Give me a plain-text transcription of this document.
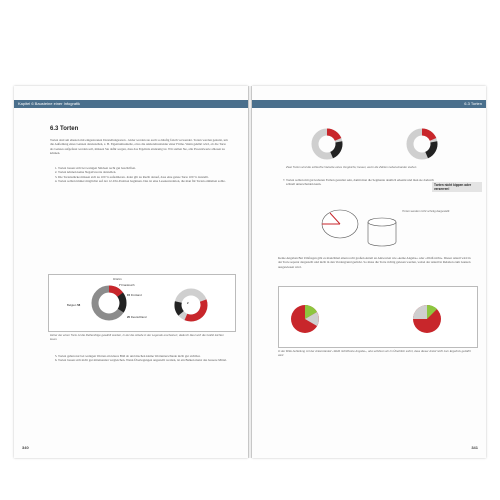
Kapitel 6 Bausteine einer Infografik
6.3 Torten
Torten sind am ehesten mit eingestreuten Darstellungsarten - leider werden sie auch so häufig falsch verwendet. Torten werden genutzt, um die Aufteilung eines Ganzen darzustellen, z. B. Eigentumsanteile, etwa die Aktionärsstruktur einer Firma. Wenn geklärt wird, ob die Torte als Ganzes aufgefasst werden soll, müssen Sie dafür sorgen, dass das Ergebnis eindeutig ist. Wir stellen Sie, alle Prozentwerte ablesen zu können.
1. Torten lassen sich bei wenigen Stücken recht gut beschriften.
2. Torten können keine Negativwerte darstellen.
3. Die Tortenstücke müssen sich zu 100 % aufaddieren. Jeder gilt zu Recht darauf, dass eine ganze Torte 100 % darstellt.
4. Torten sollten immer möglichst auf der 12-Uhr-Position beginnen. Das ist eine Lesekonvention, die man für Torten einhalten sollte.
4 Grün
7 Frankreich
15 Finnland
Belgien 58
20 Deutschland
2
Hinter der einen Torte ist die Reihenfolge gewählt worden, in der die Anteile in der Legende erscheinen; dadurch lässt sich die Grafik leichter lesen.
5. Torten gehen nur bei wenigen Werten ein klares Bild ab und machen kleine Wertunterschiede nicht gut sichtbar.
6. Torten lassen sich nicht gut miteinander vergleichen. Wenn Überlegungen angestellt werden, ist ein Balken meist das bessere Mittel.
340
6.3 Torten
Zwei Torten sind die schlechte Variante eines Vergleichs; besser, wenn die Zahlen nebeneinander stehen.
7. Torten sollten mit gut lesbaren Farben gestaltet sein, damit man die Segmente deutlich erkennt und man sie dadurch schnell unterscheiden kann.	Torten nicht kippen oder verzerren!
Torten werden nicht schräg dargestellt.
Keine Angaben Bei Umfragen gibt es manchmal einen recht großen Anteil an Antworten wie »keine Angabe« oder »Weiß nicht«. Dieser Anteil wird in der Torte separat dargestellt und nicht in den Vordergrund gerückt. So muss die Torte richtig gelesen werden, wobei der Anteil in Relation zum Ganzen ausgewiesen wird.
In der Mitte Aufteilung mit der Antwortanteil »Weiß nicht/Keine Angabe«, also erfahren wir im Überblick sofort, dass dieser Anteil nicht zum Ergebnis gezählt wird.
341
